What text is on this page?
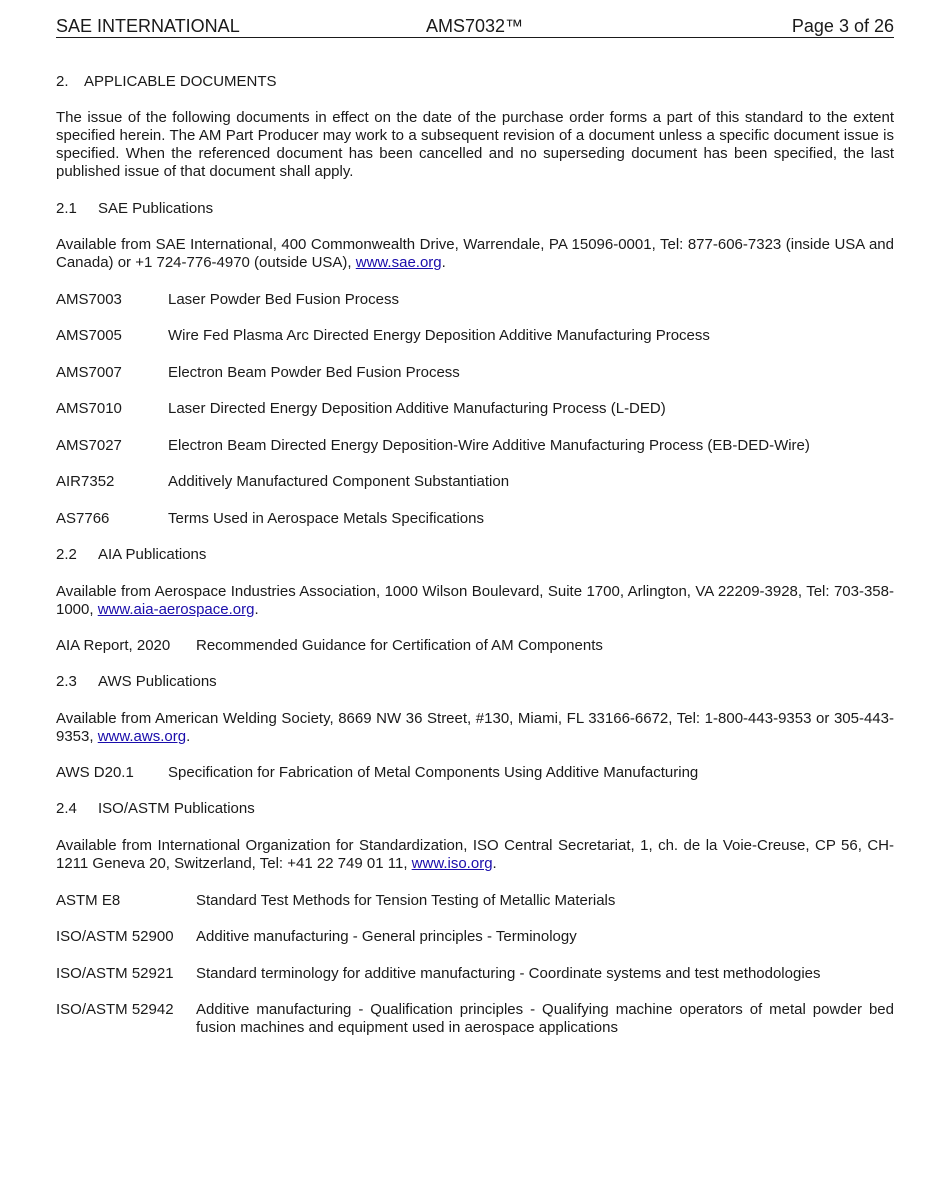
SAE INTERNATIONAL	AMS7032™	Page 3 of 26
2. APPLICABLE DOCUMENTS

The issue of the following documents in effect on the date of the purchase order forms a part of this standard to the extent specified herein. The AM Part Producer may work to a subsequent revision of a document unless a specific document issue is specified. When the referenced document has been cancelled and no superseding document has been specified, the last published issue of that document shall apply.

2.1 SAE Publications

Available from SAE International, 400 Commonwealth Drive, Warrendale, PA 15096-0001, Tel: 877-606-7323 (inside USA and Canada) or +1 724-776-4970 (outside USA), www.sae.org.

AMS7003	Laser Powder Bed Fusion Process
AMS7005	Wire Fed Plasma Arc Directed Energy Deposition Additive Manufacturing Process
AMS7007	Electron Beam Powder Bed Fusion Process
AMS7010	Laser Directed Energy Deposition Additive Manufacturing Process (L-DED)
AMS7027	Electron Beam Directed Energy Deposition-Wire Additive Manufacturing Process (EB-DED-Wire)
AIR7352	Additively Manufactured Component Substantiation
AS7766	Terms Used in Aerospace Metals Specifications
2.2 AIA Publications

Available from Aerospace Industries Association, 1000 Wilson Boulevard, Suite 1700, Arlington, VA 22209-3928, Tel: 703-358-1000, www.aia-aerospace.org.

AIA Report, 2020 Recommended Guidance for Certification of AM Components
2.3 AWS Publications

Available from American Welding Society, 8669 NW 36 Street, #130, Miami, FL 33166-6672, Tel: 1-800-443-9353 or 305-443-9353, www.aws.org.

AWS D20.1 Specification for Fabrication of Metal Components Using Additive Manufacturing
2.4 ISO/ASTM Publications

Available from International Organization for Standardization, ISO Central Secretariat, 1, ch. de la Voie-Creuse, CP 56, CH-1211 Geneva 20, Switzerland, Tel: +41 22 749 01 11, www.iso.org.

ASTM E8	Standard Test Methods for Tension Testing of Metallic Materials
ISO/ASTM 52900 Additive manufacturing - General principles - Terminology
ISO/ASTM 52921 Standard terminology for additive manufacturing - Coordinate systems and test methodologies
ISO/ASTM 52942 Additive manufacturing - Qualification principles - Qualifying machine operators of metal powder bed fusion machines and equipment used in aerospace applications
